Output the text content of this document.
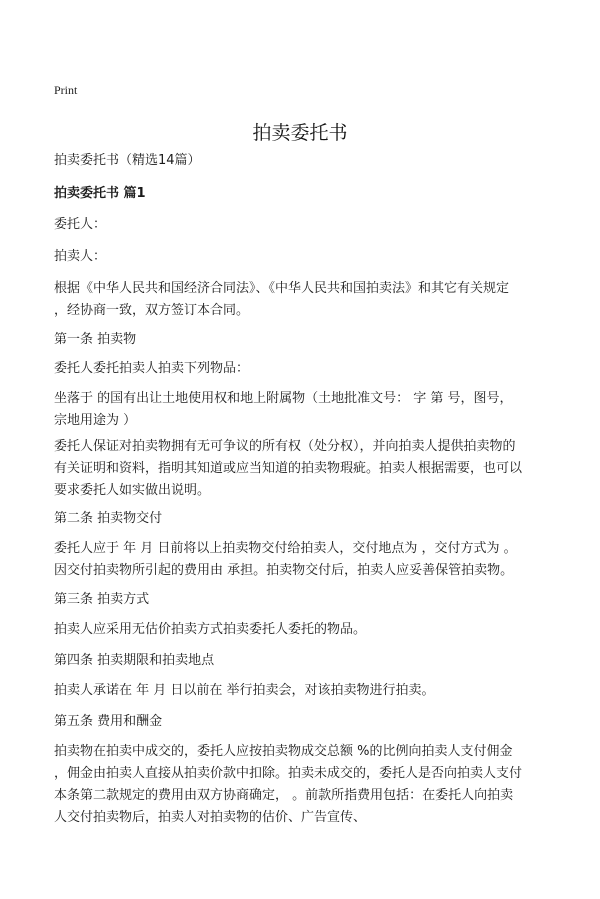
Print
拍卖委托书
拍卖委托书（精选14篇）
拍卖委托书 篇1
委托人：
拍卖人：
根据《中华人民共和国经济合同法》、《中华人民共和国拍卖法》和其它有关规定
，经协商一致，双方签订本合同。
第一条 拍卖物
委托人委托拍卖人拍卖下列物品：
坐落于 的国有出让土地使用权和地上附属物（土地批准文号： 字 第 号，图号，
宗地用途为 ）
委托人保证对拍卖物拥有无可争议的所有权（处分权），并向拍卖人提供拍卖物的
有关证明和资料，指明其知道或应当知道的拍卖物瑕疵。拍卖人根据需要，也可以
要求委托人如实做出说明。
第二条 拍卖物交付
委托人应于 年 月 日前将以上拍卖物交付给拍卖人，交付地点为 ，交付方式为 。
因交付拍卖物所引起的费用由 承担。拍卖物交付后，拍卖人应妥善保管拍卖物。
第三条 拍卖方式
拍卖人应采用无估价拍卖方式拍卖委托人委托的物品。
第四条 拍卖期限和拍卖地点
拍卖人承诺在 年 月 日以前在 举行拍卖会，对该拍卖物进行拍卖。
第五条 费用和酬金
拍卖物在拍卖中成交的，委托人应按拍卖物成交总额 %的比例向拍卖人支付佣金
，佣金由拍卖人直接从拍卖价款中扣除。拍卖未成交的，委托人是否向拍卖人支付
本条第二款规定的费用由双方协商确定， 。前款所指费用包括：在委托人向拍卖
人交付拍卖物后，拍卖人对拍卖物的估价、广告宣传、
